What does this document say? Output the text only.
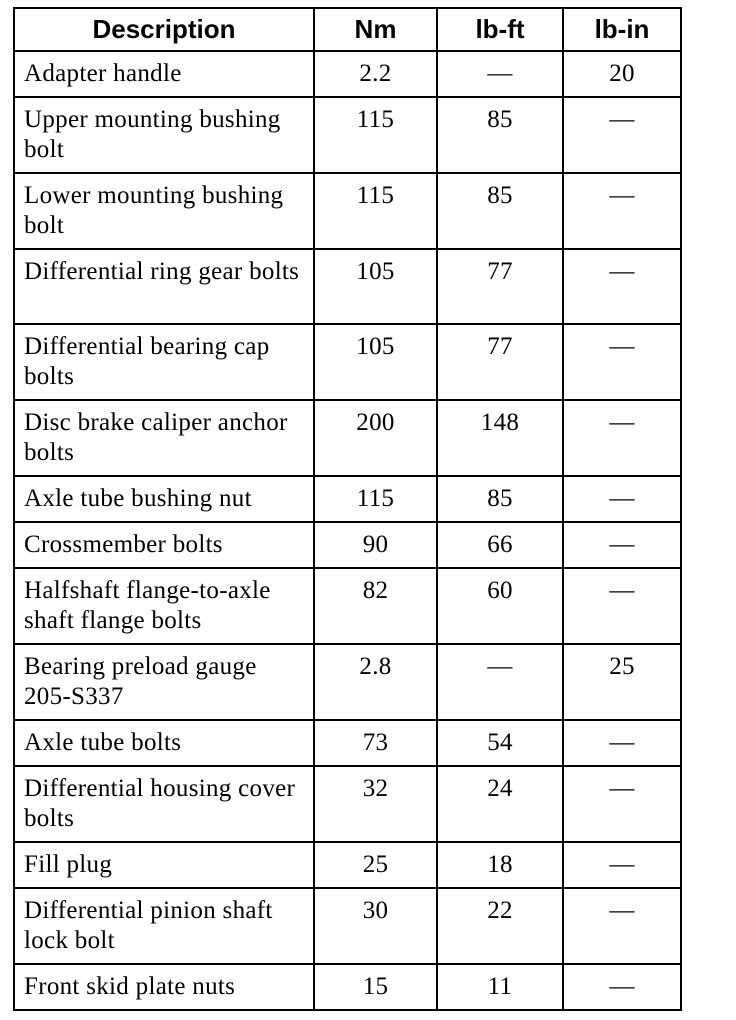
Description	Nm	lb-ft	lb-in
Adapter handle	2.2	—	20
Upper mounting bushing bolt	115	85	—
Lower mounting bushing bolt	115	85	—
Differential ring gear bolts	105	77	—
Differential bearing cap bolts	105	77	—
Disc brake caliper anchor bolts	200	148	—
Axle tube bushing nut	115	85	—
Crossmember bolts	90	66	—
Halfshaft flange-to-axle shaft flange bolts	82	60	—
Bearing preload gauge 205-S337	2.8	—	25
Axle tube bolts	73	54	—
Differential housing cover bolts	32	24	—
Fill plug	25	18	—
Differential pinion shaft lock bolt	30	22	—
Front skid plate nuts	15	11	—
